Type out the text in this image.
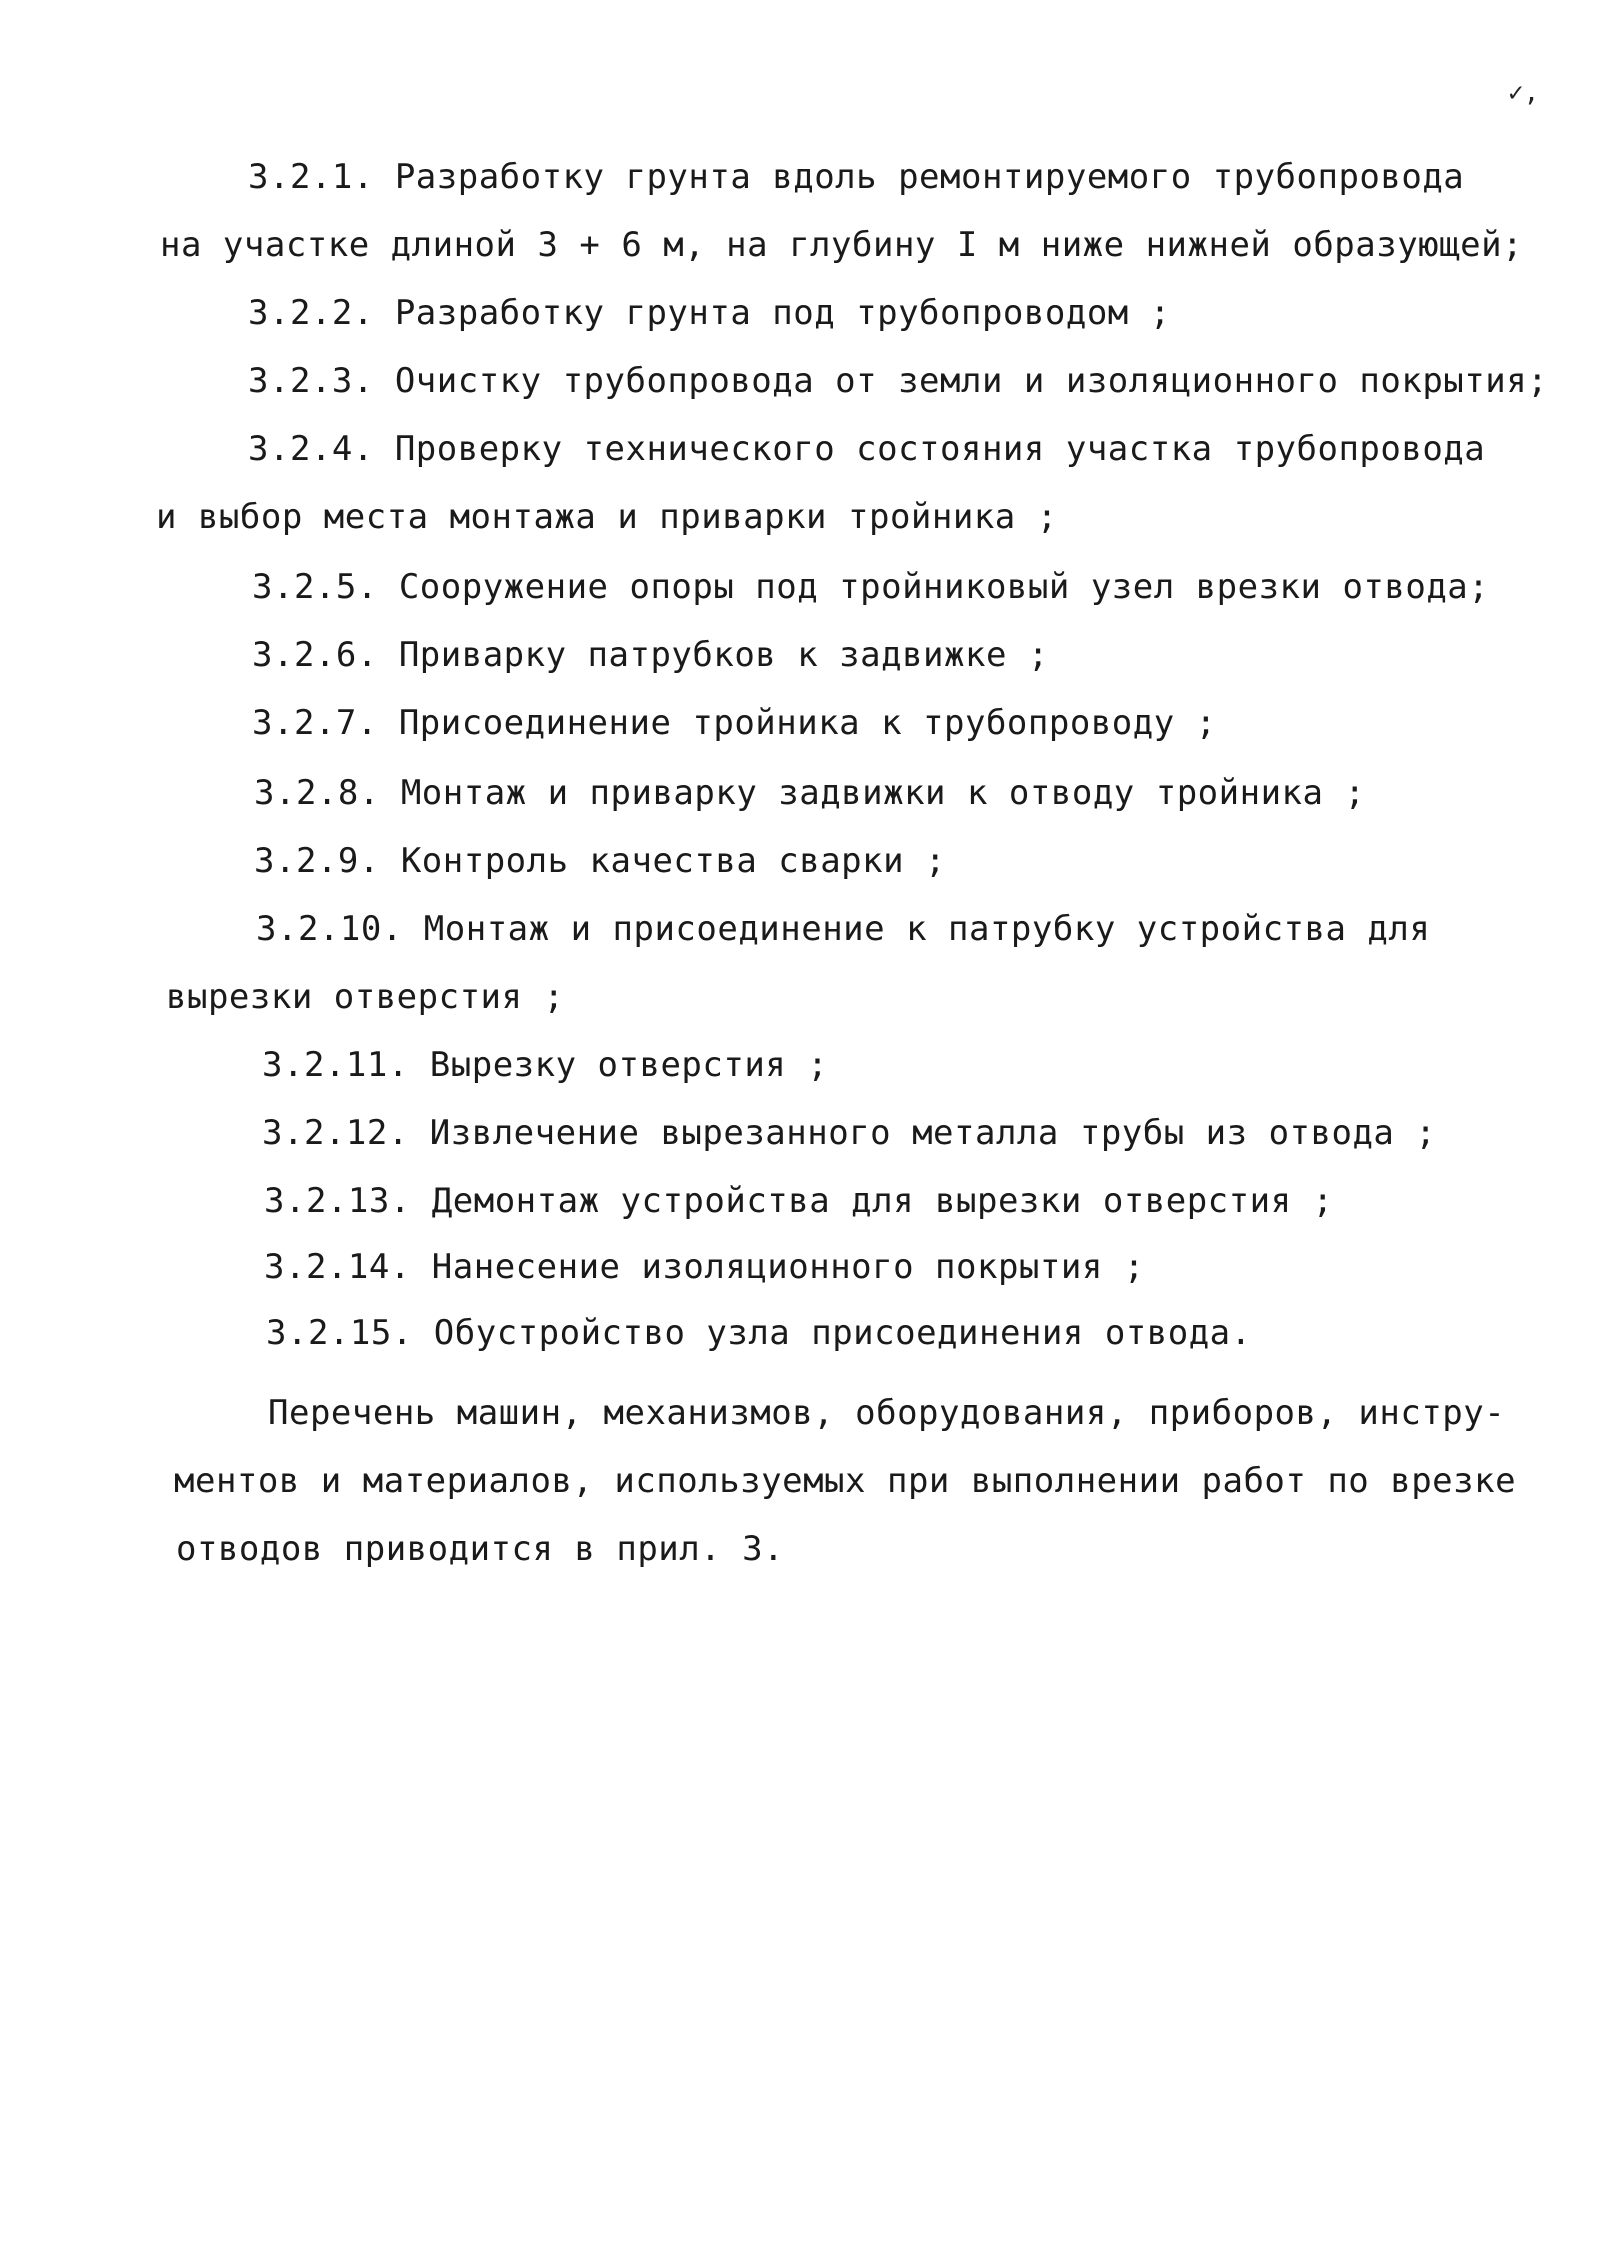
✓,
3.2.1. Разработку грунта вдоль ремонтируемого трубопровода
на участке длиной 3 + 6 м, на глубину I м ниже нижней образующей;
3.2.2. Разработку грунта под трубопроводом ;
3.2.3. Очистку трубопровода от земли и изоляционного покрытия;
3.2.4. Проверку технического состояния участка трубопровода
и выбор места монтажа и приварки тройника ;
3.2.5. Сооружение опоры под тройниковый узел врезки отвода;
3.2.6. Приварку патрубков к задвижке ;
3.2.7. Присоединение тройника к трубопроводу ;
3.2.8. Монтаж и приварку задвижки к отводу тройника ;
3.2.9. Контроль качества сварки ;
3.2.10. Монтаж и присоединение к патрубку устройства для
вырезки отверстия ;
3.2.11. Вырезку отверстия ;
3.2.12. Извлечение вырезанного металла трубы из отвода ;
3.2.13. Демонтаж устройства для вырезки отверстия ;
3.2.14. Нанесение изоляционного покрытия ;
3.2.15. Обустройство узла присоединения отвода.
Перечень машин, механизмов, оборудования, приборов, инстру-
ментов и материалов, используемых при выполнении работ по врезке
отводов приводится в прил. 3.
